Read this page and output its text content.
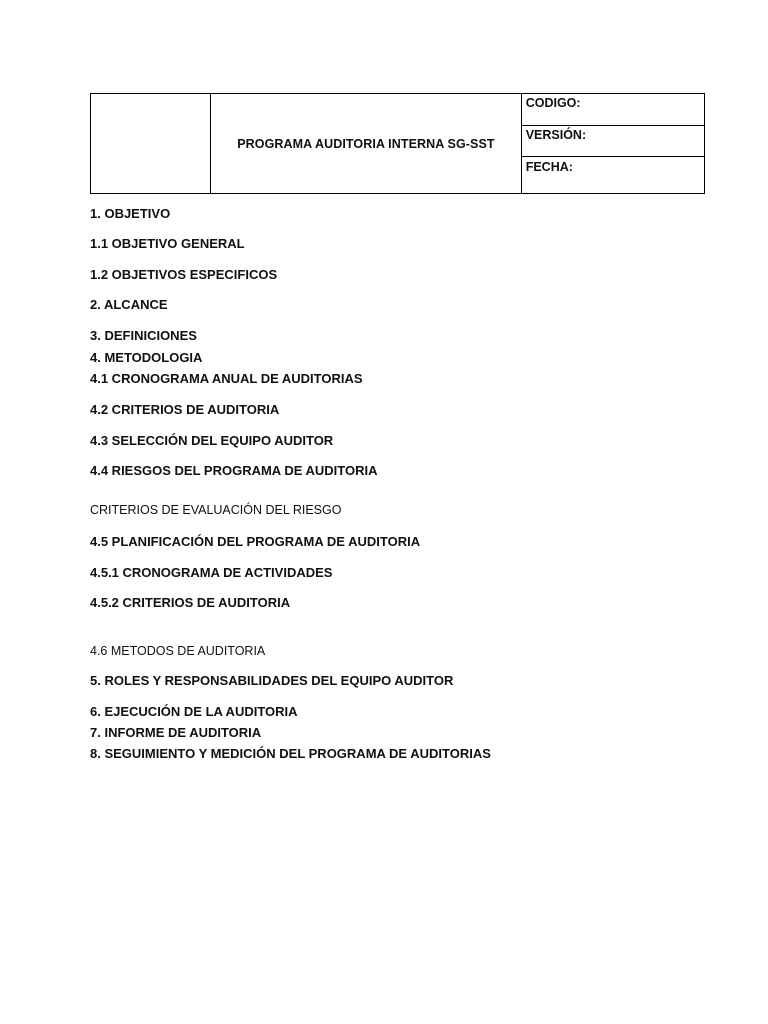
	PROGRAMA AUDITORIA INTERNA SG-SST	CODIGO:
VERSIÓN:
FECHA:
1. OBJETIVO
1.1 OBJETIVO GENERAL
1.2 OBJETIVOS ESPECIFICOS
2. ALCANCE
3. DEFINICIONES
4. METODOLOGIA
4.1 CRONOGRAMA ANUAL DE AUDITORIAS
4.2 CRITERIOS DE AUDITORIA
4.3 SELECCIÓN DEL EQUIPO AUDITOR
4.4 RIESGOS DEL PROGRAMA DE AUDITORIA
CRITERIOS DE EVALUACIÓN DEL RIESGO
4.5 PLANIFICACIÓN DEL PROGRAMA DE AUDITORIA
4.5.1 CRONOGRAMA DE ACTIVIDADES
4.5.2 CRITERIOS DE AUDITORIA
4.6 METODOS DE AUDITORIA
5. ROLES Y RESPONSABILIDADES DEL EQUIPO AUDITOR
6. EJECUCIÓN DE LA AUDITORIA
7. INFORME DE AUDITORIA
8. SEGUIMIENTO Y MEDICIÓN DEL PROGRAMA DE AUDITORIAS
